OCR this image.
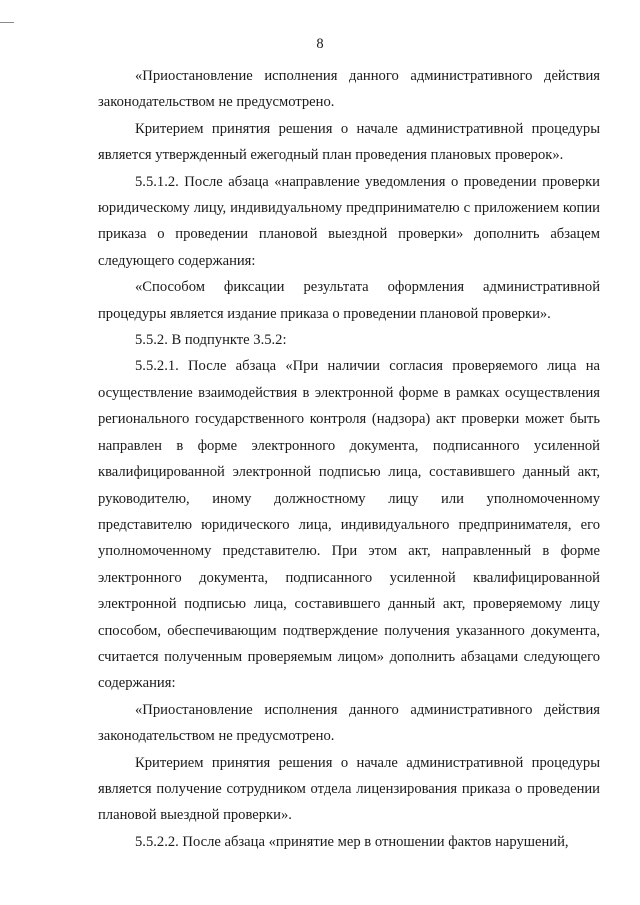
8

«Приостановление исполнения данного административного действия законодательством не предусмотрено.

Критерием принятия решения о начале административной процедуры является утвержденный ежегодный план проведения плановых проверок».

5.5.1.2. После абзаца «направление уведомления о проведении проверки юридическому лицу, индивидуальному предпринимателю с приложением копии приказа о проведении плановой выездной проверки» дополнить абзацем следующего содержания:

«Способом фиксации результата оформления административной процедуры является издание приказа о проведении плановой проверки».

5.5.2. В подпункте 3.5.2:

5.5.2.1. После абзаца «При наличии согласия проверяемого лица на осуществление взаимодействия в электронной форме в рамках осуществления регионального государственного контроля (надзора) акт проверки может быть направлен в форме электронного документа, подписанного усиленной квалифицированной электронной подписью лица, составившего данный акт, руководителю, иному должностному лицу или уполномоченному представителю юридического лица, индивидуального предпринимателя, его уполномоченному представителю. При этом акт, направленный в форме электронного документа, подписанного усиленной квалифицированной электронной подписью лица, составившего данный акт, проверяемому лицу способом, обеспечивающим подтверждение получения указанного документа, считается полученным проверяемым лицом» дополнить абзацами следующего содержания:

«Приостановление исполнения данного административного действия законодательством не предусмотрено.

Критерием принятия решения о начале административной процедуры является получение сотрудником отдела лицензирования приказа о проведении плановой выездной проверки».

5.5.2.2. После абзаца «принятие мер в отношении фактов нарушений,
